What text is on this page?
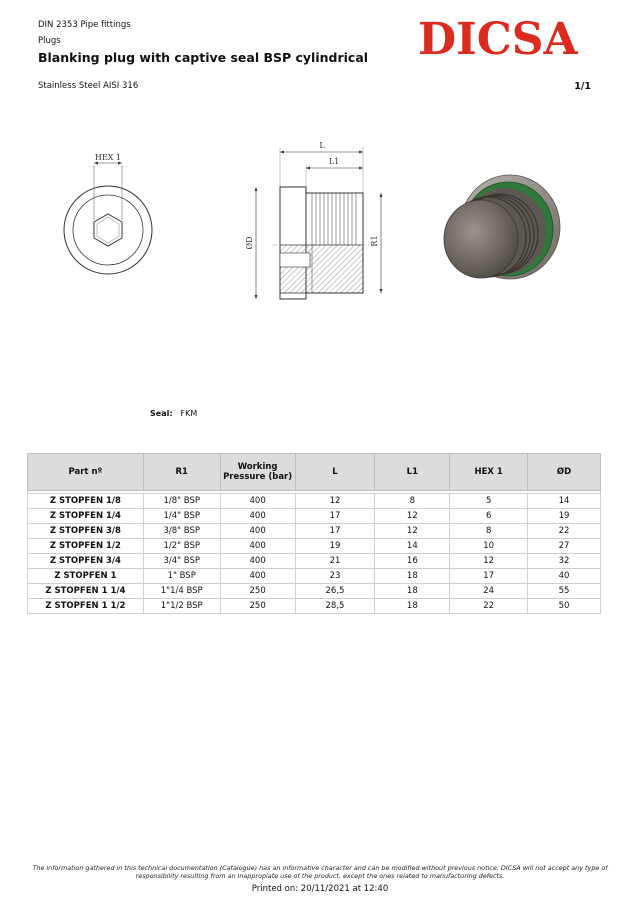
DIN 2353 Pipe fittings
Plugs
Blanking plug with captive seal BSP cylindrical
Stainless Steel AISI 316	1/1
DICSA
HEX 1
L
L1
ØD	R1
Seal: FKM
Part nº	R1	Working Pressure (bar)	L	L1	HEX 1	ØD

Z STOPFEN 1/8	1/8" BSP	400	12	8	5	14
Z STOPFEN 1/4	1/4" BSP	400	17	12	6	19
Z STOPFEN 3/8	3/8" BSP	400	17	12	8	22
Z STOPFEN 1/2	1/2" BSP	400	19	14	10	27
Z STOPFEN 3/4	3/4" BSP	400	21	16	12	32
Z STOPFEN 1	1" BSP	400	23	18	17	40
Z STOPFEN 1 1/4	1"1/4 BSP	250	26,5	18	24	55
Z STOPFEN 1 1/2	1"1/2 BSP	250	28,5	18	22	50
The information gathered in this technical documentation (Catalogue) has an informative character and can be modified without previous notice. DICSA will not accept any type of responsibility resulting from an inappropiate use of the product, except the ones related to manufacturing defects.
Printed on: 20/11/2021 at 12:40
